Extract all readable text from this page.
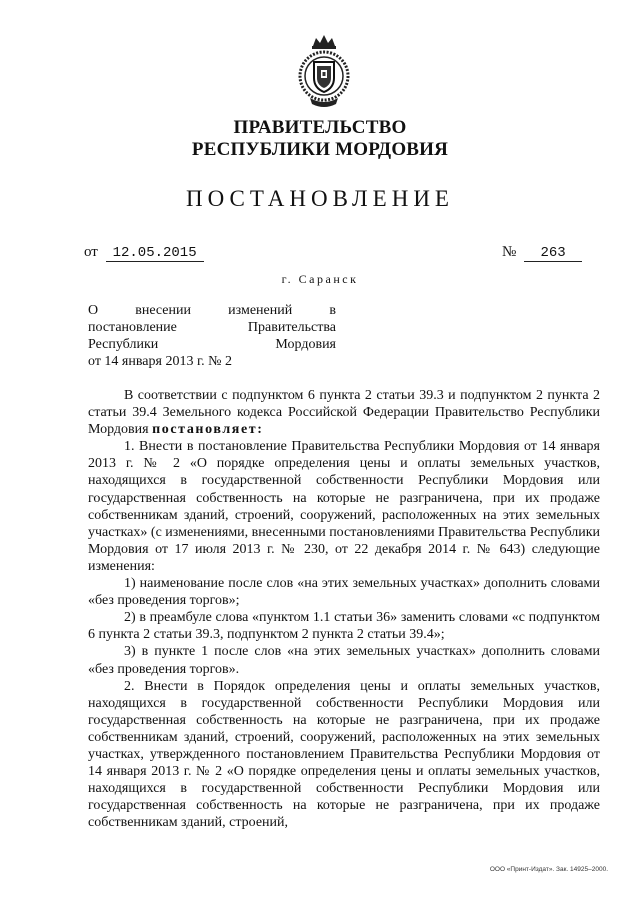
ПРАВИТЕЛЬСТВО
РЕСПУБЛИКИ МОРДОВИЯ
ПОСТАНОВЛЕНИЕ
от 12.05.2015	№ 263
г. Саранск
О внесении изменений в
постановление Правительства
Республики Мордовия
от 14 января 2013 г. № 2

В соответствии с подпунктом 6 пункта 2 статьи 39.3 и подпунктом 2 пункта 2 статьи 39.4 Земельного кодекса Российской Федерации Правительство Республики Мордовия постановляет:

1. Внести в постановление Правительства Республики Мордовия от 14 января 2013 г. № 2 «О порядке определения цены и оплаты земельных участков, находящихся в государственной собственности Республики Мордовия или государственная собственность на которые не разграничена, при их продаже собственникам зданий, строений, сооружений, расположенных на этих земельных участках» (с изменениями, внесенными постановлениями Правительства Республики Мордовия от 17 июля 2013 г. № 230, от 22 декабря 2014 г. № 643) следующие изменения:

1) наименование после слов «на этих земельных участках» дополнить словами «без проведения торгов»;

2) в преамбуле слова «пунктом 1.1 статьи 36» заменить словами «с подпунктом 6 пункта 2 статьи 39.3, подпунктом 2 пункта 2 статьи 39.4»;

3) в пункте 1 после слов «на этих земельных участках» дополнить словами «без проведения торгов».

2. Внести в Порядок определения цены и оплаты земельных участков, находящихся в государственной собственности Республики Мордовия или государственная собственность на которые не разграничена, при их продаже собственникам зданий, строений, сооружений, расположенных на этих земельных участках, утвержденного постановлением Правительства Республики Мордовия от 14 января 2013 г. № 2 «О порядке определения цены и оплаты земельных участков, находящихся в государственной собственности Республики Мордовия или государственная собственность на которые не разграничена, при их продаже собственникам зданий, строений,

ООО «Принт-Издат». Зак. 14925–2000.
